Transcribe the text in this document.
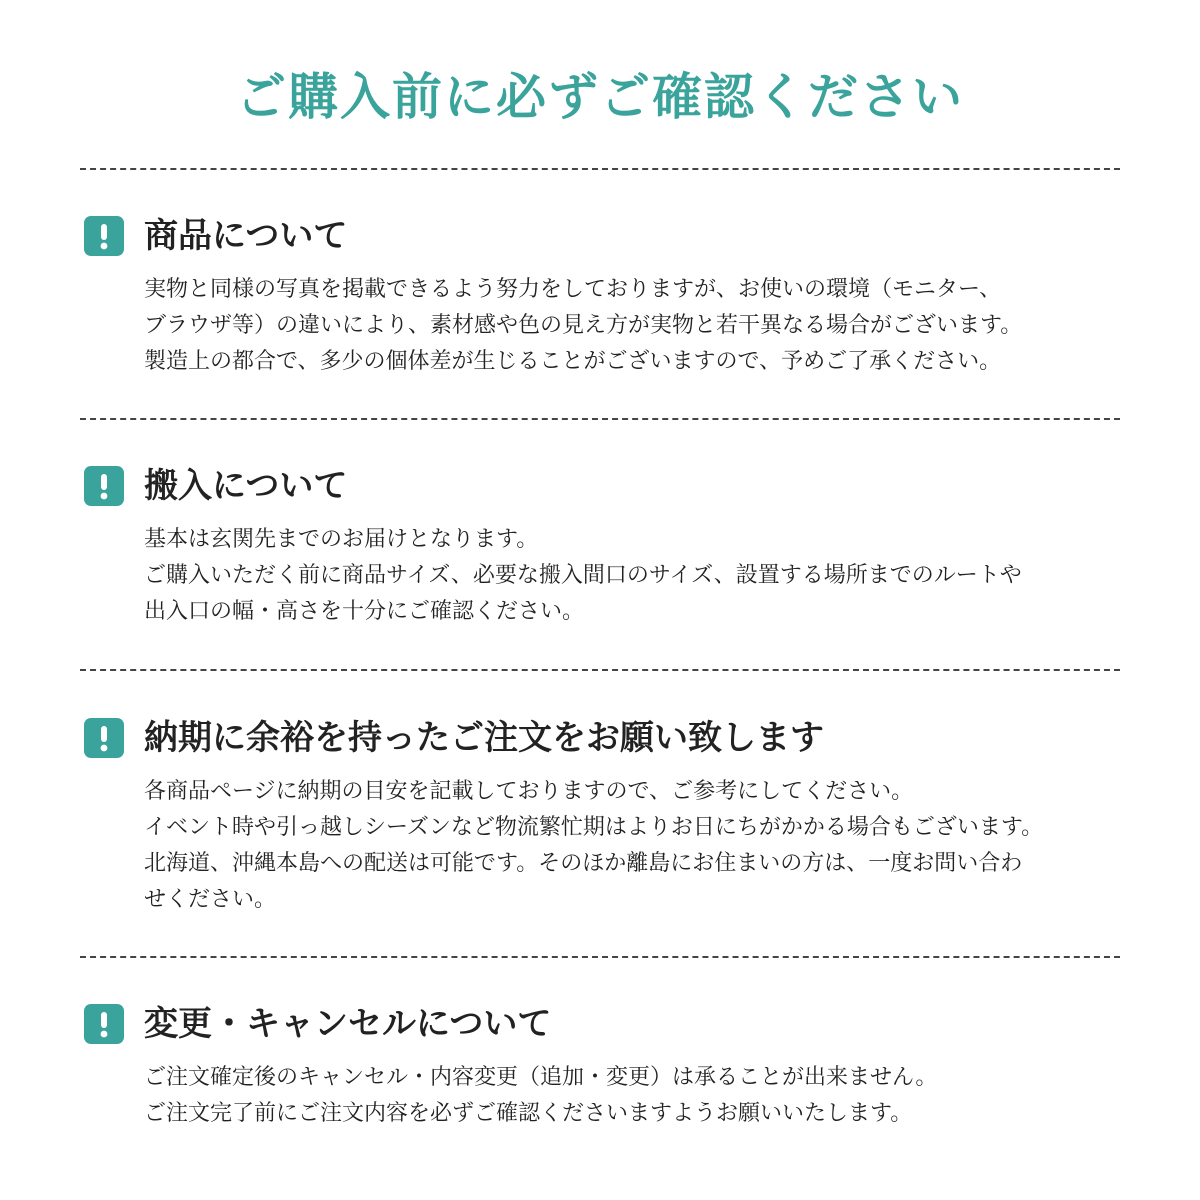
ご購入前に必ずご確認ください
商品について
実物と同様の写真を掲載できるよう努力をしておりますが、お使いの環境（モニター、
ブラウザ等）の違いにより、素材感や色の見え方が実物と若干異なる場合がございます。
製造上の都合で、多少の個体差が生じることがございますので、予めご了承ください。
搬入について
基本は玄関先までのお届けとなります。
ご購入いただく前に商品サイズ、必要な搬入間口のサイズ、設置する場所までのルートや
出入口の幅・高さを十分にご確認ください。
納期に余裕を持ったご注文をお願い致します
各商品ページに納期の目安を記載しておりますので、ご参考にしてください。
イベント時や引っ越しシーズンなど物流繁忙期はよりお日にちがかかる場合もございます。
北海道、沖縄本島への配送は可能です。そのほか離島にお住まいの方は、一度お問い合わ
せください。
変更・キャンセルについて
ご注文確定後のキャンセル・内容変更（追加・変更）は承ることが出来ません。
ご注文完了前にご注文内容を必ずご確認くださいますようお願いいたします。
